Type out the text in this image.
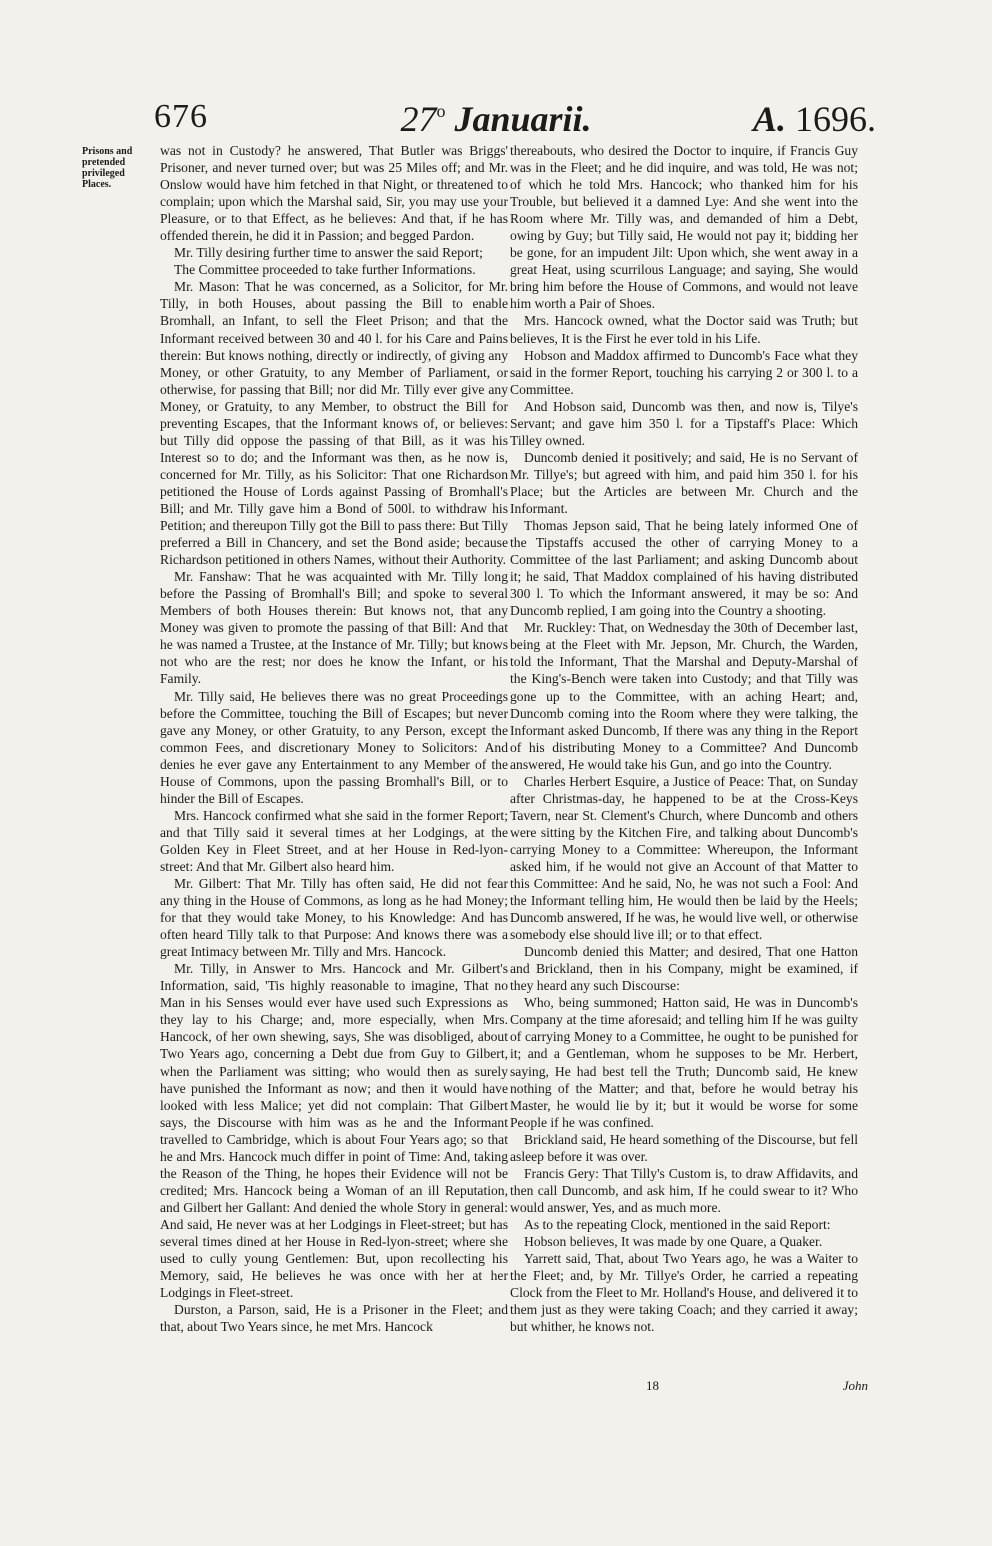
676	27$^o$ Januarii.	A. 1696.
Prisons and pretended privileged Places.

was not in Custody? he answered, That Butler was Briggs' Prisoner, and never turned over; but was 25 Miles off; and Mr. Onslow would have him fetched in that Night, or threatened to complain; upon which the Marshal said, Sir, you may use your Pleasure, or to that Effect, as he believes: And that, if he has offended therein, he did it in Passion; and begged Pardon.

Mr. Tilly desiring further time to answer the said Report;

The Committee proceeded to take further Informations.

Mr. Mason: That he was concerned, as a Solicitor, for Mr. Tilly, in both Houses, about passing the Bill to enable Bromhall, an Infant, to sell the Fleet Prison; and that the Informant received between 30 and 40 l. for his Care and Pains therein: But knows nothing, directly or indirectly, of giving any Money, or other Gratuity, to any Member of Parliament, or otherwise, for passing that Bill; nor did Mr. Tilly ever give any Money, or Gratuity, to any Member, to obstruct the Bill for preventing Escapes, that the Informant knows of, or believes: but Tilly did oppose the passing of that Bill, as it was his Interest so to do; and the Informant was then, as he now is, concerned for Mr. Tilly, as his Solicitor: That one Richardson petitioned the House of Lords against Passing of Bromhall's Bill; and Mr. Tilly gave him a Bond of 500l. to withdraw his Petition; and thereupon Tilly got the Bill to pass there: But Tilly preferred a Bill in Chancery, and set the Bond aside; because Richardson petitioned in others Names, without their Authority.

Mr. Fanshaw: That he was acquainted with Mr. Tilly long before the Passing of Bromhall's Bill; and spoke to several Members of both Houses therein: But knows not, that any Money was given to promote the passing of that Bill: And that he was named a Trustee, at the Instance of Mr. Tilly; but knows not who are the rest; nor does he know the Infant, or his Family.

Mr. Tilly said, He believes there was no great Proceedings before the Committee, touching the Bill of Escapes; but never gave any Money, or other Gratuity, to any Person, except the common Fees, and discretionary Money to Solicitors: And denies he ever gave any Entertainment to any Member of the House of Commons, upon the passing Bromhall's Bill, or to hinder the Bill of Escapes.

Mrs. Hancock confirmed what she said in the former Report; and that Tilly said it several times at her Lodgings, at the Golden Key in Fleet Street, and at her House in Red-lyon-street: And that Mr. Gilbert also heard him.

Mr. Gilbert: That Mr. Tilly has often said, He did not fear any thing in the House of Commons, as long as he had Money; for that they would take Money, to his Knowledge: And has often heard Tilly talk to that Purpose: And knows there was a great Intimacy between Mr. Tilly and Mrs. Hancock.

Mr. Tilly, in Answer to Mrs. Hancock and Mr. Gilbert's Information, said, 'Tis highly reasonable to imagine, That no Man in his Senses would ever have used such Expressions as they lay to his Charge; and, more especially, when Mrs. Hancock, of her own shewing, says, She was disobliged, about Two Years ago, concerning a Debt due from Guy to Gilbert, when the Parliament was sitting; who would then as surely have punished the Informant as now; and then it would have looked with less Malice; yet did not complain: That Gilbert says, the Discourse with him was as he and the Informant travelled to Cambridge, which is about Four Years ago; so that he and Mrs. Hancock much differ in point of Time: And, taking the Reason of the Thing, he hopes their Evidence will not be credited; Mrs. Hancock being a Woman of an ill Reputation, and Gilbert her Gallant: And denied the whole Story in general: And said, He never was at her Lodgings in Fleet-street; but has several times dined at her House in Red-lyon-street; where she used to cully young Gentlemen: But, upon recollecting his Memory, said, He believes he was once with her at her Lodgings in Fleet-street.

Durston, a Parson, said, He is a Prisoner in the Fleet; and that, about Two Years since, he met Mrs. Hancock

thereabouts, who desired the Doctor to inquire, if Francis Guy was in the Fleet; and he did inquire, and was told, He was not; of which he told Mrs. Hancock; who thanked him for his Trouble, but believed it a damned Lye: And she went into the Room where Mr. Tilly was, and demanded of him a Debt, owing by Guy; but Tilly said, He would not pay it; bidding her be gone, for an impudent Jilt: Upon which, she went away in a great Heat, using scurrilous Language; and saying, She would bring him before the House of Commons, and would not leave him worth a Pair of Shoes.

Mrs. Hancock owned, what the Doctor said was Truth; but believes, It is the First he ever told in his Life.

Hobson and Maddox affirmed to Duncomb's Face what they said in the former Report, touching his carrying 2 or 300 l. to a Committee.

And Hobson said, Duncomb was then, and now is, Tilye's Servant; and gave him 350 l. for a Tipstaff's Place: Which Tilley owned.

Duncomb denied it positively; and said, He is no Servant of Mr. Tillye's; but agreed with him, and paid him 350 l. for his Place; but the Articles are between Mr. Church and the Informant.

Thomas Jepson said, That he being lately informed One of the Tipstaffs accused the other of carrying Money to a Committee of the last Parliament; and asking Duncomb about it; he said, That Maddox complained of his having distributed 300 l. To which the Informant answered, it may be so: And Duncomb replied, I am going into the Country a shooting.

Mr. Ruckley: That, on Wednesday the 30th of December last, being at the Fleet with Mr. Jepson, Mr. Church, the Warden, told the Informant, That the Marshal and Deputy-Marshal of the King's-Bench were taken into Custody; and that Tilly was gone up to the Committee, with an aching Heart; and, Duncomb coming into the Room where they were talking, the Informant asked Duncomb, If there was any thing in the Report of his distributing Money to a Committee? And Duncomb answered, He would take his Gun, and go into the Country.

Charles Herbert Esquire, a Justice of Peace: That, on Sunday after Christmas-day, he happened to be at the Cross-Keys Tavern, near St. Clement's Church, where Duncomb and others were sitting by the Kitchen Fire, and talking about Duncomb's carrying Money to a Committee: Whereupon, the Informant asked him, if he would not give an Account of that Matter to this Committee: And he said, No, he was not such a Fool: And the Informant telling him, He would then be laid by the Heels; Duncomb answered, If he was, he would live well, or otherwise somebody else should live ill; or to that effect.

Duncomb denied this Matter; and desired, That one Hatton and Brickland, then in his Company, might be examined, if they heard any such Discourse:

Who, being summoned; Hatton said, He was in Duncomb's Company at the time aforesaid; and telling him If he was guilty of carrying Money to a Committee, he ought to be punished for it; and a Gentleman, whom he supposes to be Mr. Herbert, saying, He had best tell the Truth; Duncomb said, He knew nothing of the Matter; and that, before he would betray his Master, he would lie by it; but it would be worse for some People if he was confined.

Brickland said, He heard something of the Discourse, but fell asleep before it was over.

Francis Gery: That Tilly's Custom is, to draw Affidavits, and then call Duncomb, and ask him, If he could swear to it? Who would answer, Yes, and as much more.

As to the repeating Clock, mentioned in the said Report:

Hobson believes, It was made by one Quare, a Quaker.

Yarrett said, That, about Two Years ago, he was a Waiter to the Fleet; and, by Mr. Tillye's Order, he carried a repeating Clock from the Fleet to Mr. Holland's House, and delivered it to them just as they were taking Coach; and they carried it away; but whither, he knows not.

18	John
